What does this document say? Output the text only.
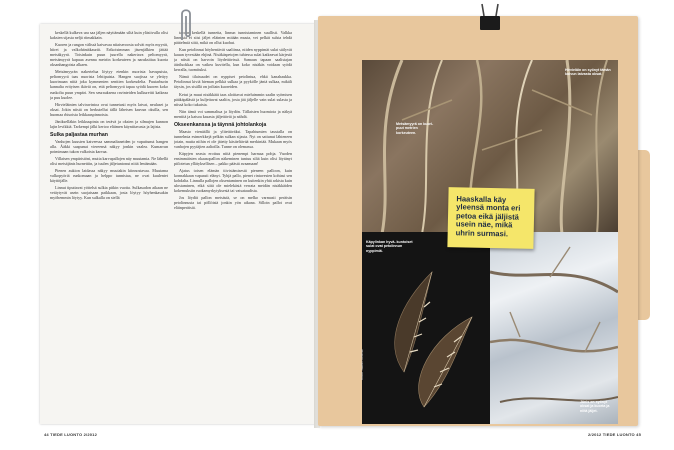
keskellä kulkeva ura saa jäljen näyttämään siltä kuin yläsiivulla olisi kaksien sijasta neljä riimakkain.

Kuoren ja rungon välissä kaivavaa niiaiseroosta solvät myös myyrät, hiiret ja valkohäntäkauriit. Erikoisimman jäsenjälkien jättää metsäkyyrä. Toisinkuin puun juurella nakertava peltomyyrä, metsämyyrä kapuaa asenna metriin korkeuteen ja naruksittaa kuorta oksanhangoista alkaen.

Metsämyyrän nakertelua löytyy etenkin nuorista havupuista, peltomyyrä taas nuorista lehtipuista. Hangen suojissa se ylettyy kuorimaan niitä joka kymmenien senttien korkeudelta. Puutarhurin kannalta erityisen ikäviä on, että peltomyyrä tapaa syödä kuoren koko runkolta puun ympäri. Sen seurauksena ravinteiden kulkureitti katkeaa ja puu kuolee.

Hirvieläinten talviravintoa ovat tunnetusti myös latvat, neulaset ja oksat. Jokin niistä on herkutellut tällä läheisen kasvun oksilla, sen huomaa rhisoista leikkauspinnoista.

Jänikselläkin leikkuupinta on terävä ja oksien ja silmujen kunnon lajin levikkiä. Tarkempi jälki kertoo eläimen käyntitavasta ja lajista.

Sulka paljastaa murhan

Vanhojen kuusten katveessa sammaltaneiden jo vaputtunut hangen alla. Ääkki saapunut viereensä näkyy jonkin vaalea. Kumarrun poimimaan tukon valkoista karvaa.

Villaisen ympäristöni, mutta karvapallojen näy muutamia. Ne lähellä olisi metsäjänis hurnettiin, ja tuulen jäljetuntonut niitä lentämään.

Pienen aukion laidassa näkyy muutakin kiinnostavaa. Muutama valkopyöriä runkomaan ja helppo tunnistaa, ne ovat kuulentet käyttöjälle.

Linnut tiputtavat yöttelsä sulkia pitkin vuotta. Sulkasadon aikaan ne vetäytyvät usein suojaisaan paikkaan, josta löytyy höyhenkasakin myöhemmin löytyy. Kun sulkalla on siellä

tavoin keskellä tunnetta, linnun tunnistaminen suullisti. Valkka linnusta ei siisi jäljet eläinten mitään musta, vei pelkät sulsta tehdä päätelmiä siitä, mikä on ollut kuohut.

Kun petolinnut höyhentävät saaliinsa, niiden nyppimät sulat säilyvät kauan tyvestään ehjinä. Nisäkäspetojen tuhtessa sulat katkeavat kärjestä ja niistä on harvoin löydettävissä. Samaan tapaan saalistajan ääriluokkaa on vaikea kuvitella, kun koko nisäkäs voidaan syödä kerralla, tuomituksi.

Nämä tilaisuudet on nyppiset petolintua, ehkä kanahaukka. Petolinnut kiviä hieman pelkkä sulkaa ja pyykölle jäntä sulkaa, mikäli täysin, jos sisällä on joiltain kuoreiden.

Ketut ja muut nisäkkäät taas aloittavat mieluimmin saalin syömisen pääkäpälästä ja kuljettavat saaliin, josta jää jäljelle vain sulat sulasta ja niissä koko tukuista.

Niin tämä voi sammaltua ja löydön. Tällaisten huomiota ja näkyä mentitä ja katsoa kasasta jäljettäviä ja nähdä.

Okseenkanssa ja täynnä johtolankoja

Maasto vienäällä ja ylitettäväksi. Tapahtumien taustalla on tunnelmia esimerkkejä pelkän sulkan sijasta. Nyt on sattunut lähteneen jotain, mutta niihin ei ole jätetty käsiteltävää merkintää. Mukaan myös vanhojen pyytäjien aaltoilla. Tunne on olemassa.

Käpyjen seasta erottuu niitä pienempi harmaa pohja. Vuoden ensimmäisten okaasopallon näkeminen tuntuu siltä kuin olisi löytänyt piilotetun yllätyksellisen – pakko päästä avaamaan!

Ajatus toisen elämän tiivistämisestä pieneen palloon, kuin konnakkaan vapaasti elänyt. Tyhjä pallo, pienet rintavesien kohtasi sen kohdalta. Linnulla pallojen oksentaminen on kuitenkin yhtä arkista kuin ulostaminen, eikä siitä ole mielekästä verrata meidän nisäkkäiden kokemuksiin ruokamyrkytyksestä tai vatsataudista.

Jos löydät pallon metsästä, se on melko varmasti peräisin petolinnusta tai pöllöistä jonkin yön aikana. Silloin pallot ovat eläinperäisiä.

Metsämyyrä on kuori- puut metrien korkeuteen.
Hirvieläin on syönyt tämän koivun latvasta oksat.
Käpylinkan hyvä- kuntoiset sulat ovat petolinnun nyppimiä.
Jänis on syönyt oksat ja kuorta ja niitä jäljet.
Kuvat: Jaakko Lehtinen
Haaskalla käy yleensä monta eri petoa eikä jäljistä usein näe, mikä uhrin surmasi.
44 TIEDE LUONTO 2/2012	2/2012 TIEDE LUONTO 45
